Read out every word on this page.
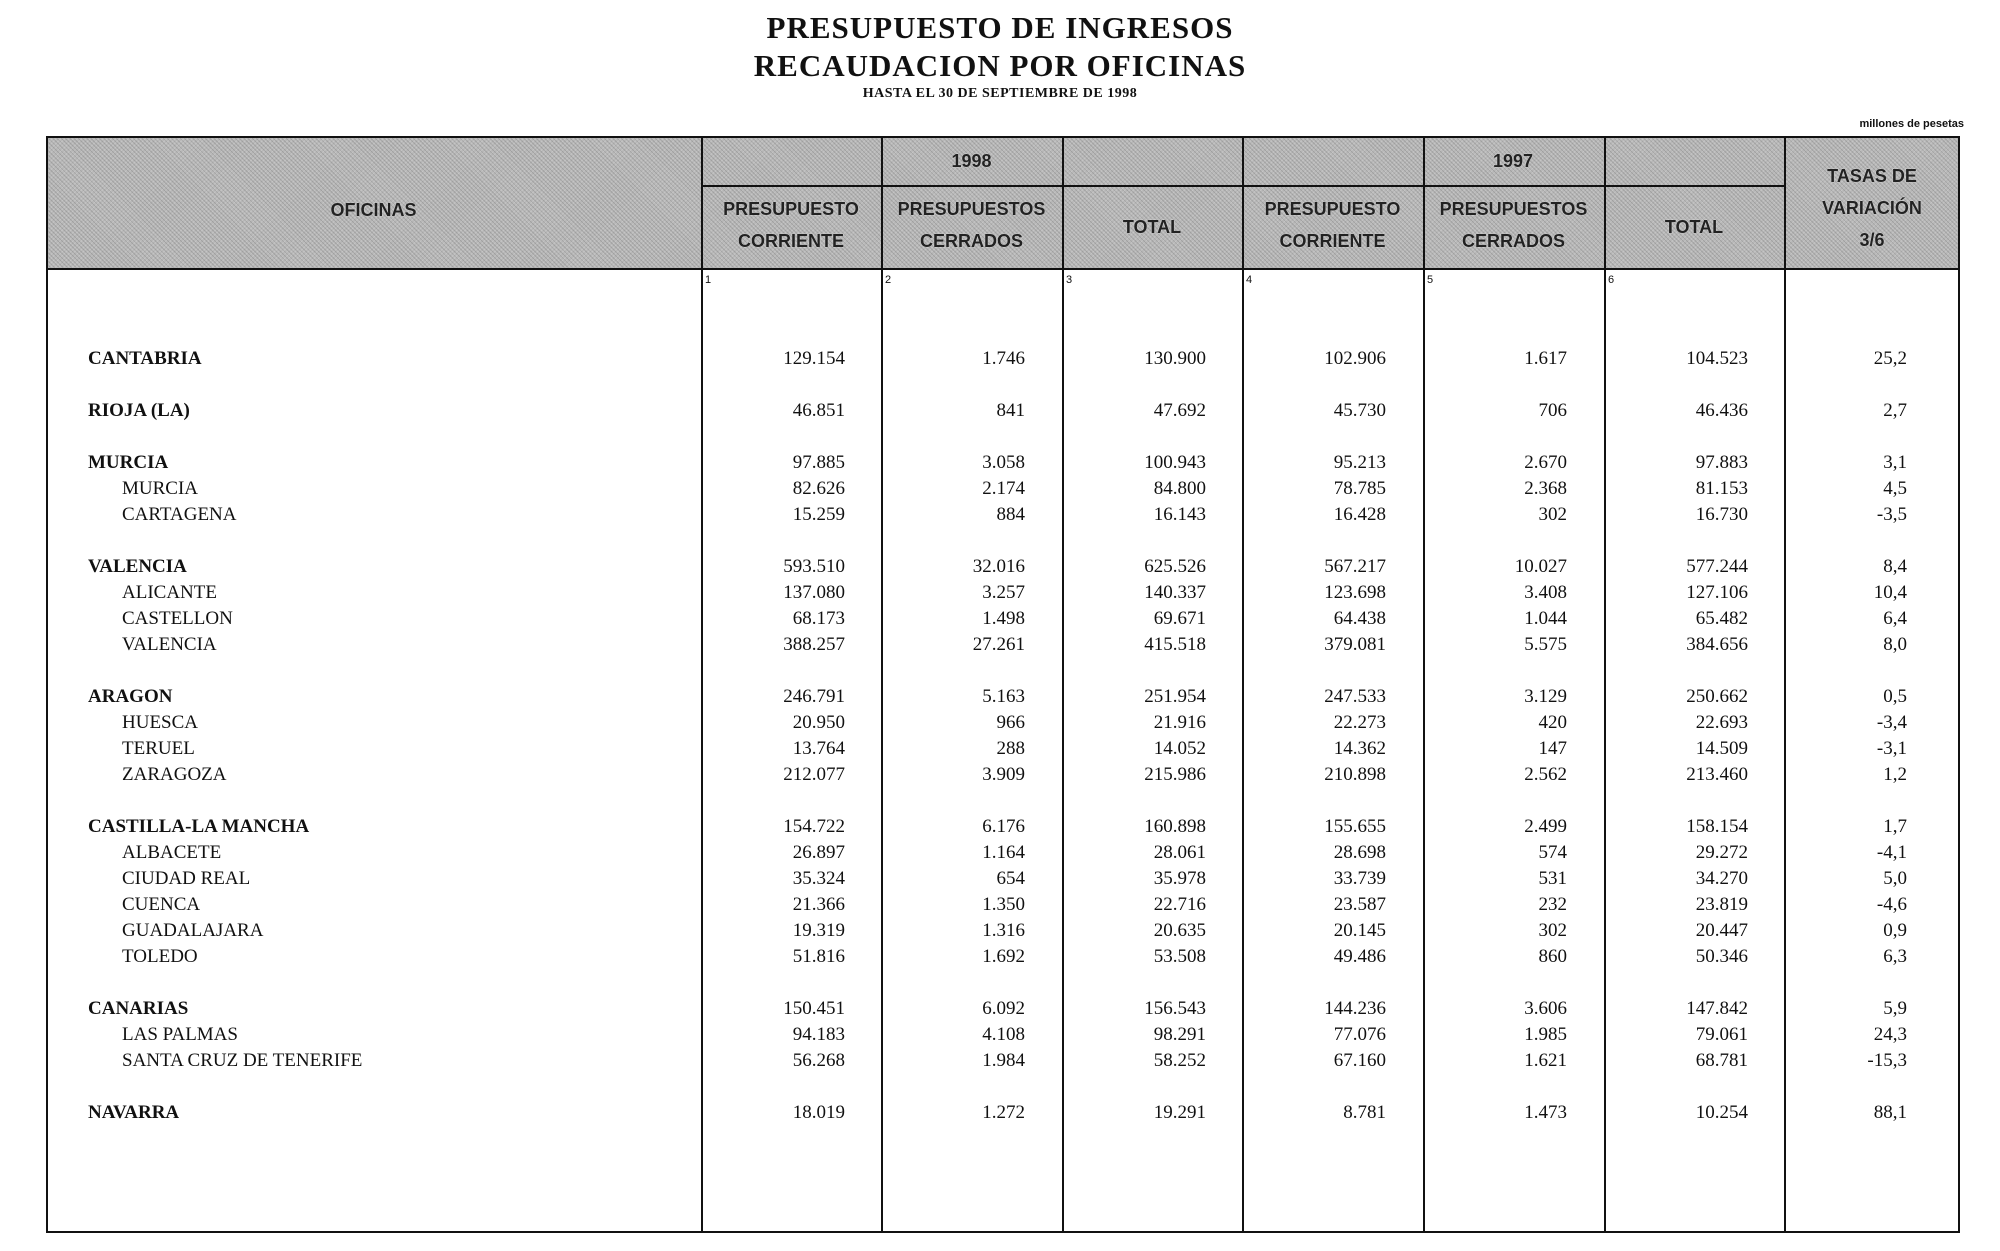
PRESUPUESTO DE INGRESOS
RECAUDACION POR OFICINAS
HASTA EL 30 DE SEPTIEMBRE DE 1998
millones de pesetas
OFICINAS
1998	1997
PRESUPUESTO
CORRIENTE
PRESUPUESTOS
CERRADOS
TOTAL
PRESUPUESTO
CORRIENTE
PRESUPUESTOS
CERRADOS
TOTAL
TASAS DE
VARIACIÓN
3/6
1	2	3	4	5	6
CANTABRIA	129.154	1.746	130.900	102.906	1.617	104.523	25,2
RIOJA (LA)	46.851	841	47.692	45.730	706	46.436	2,7
MURCIA	97.885	3.058	100.943	95.213	2.670	97.883	3,1
MURCIA	82.626	2.174	84.800	78.785	2.368	81.153	4,5
CARTAGENA	15.259	884	16.143	16.428	302	16.730	-3,5
VALENCIA	593.510	32.016	625.526	567.217	10.027	577.244	8,4
ALICANTE	137.080	3.257	140.337	123.698	3.408	127.106	10,4
CASTELLON	68.173	1.498	69.671	64.438	1.044	65.482	6,4
VALENCIA	388.257	27.261	415.518	379.081	5.575	384.656	8,0
ARAGON	246.791	5.163	251.954	247.533	3.129	250.662	0,5
HUESCA	20.950	966	21.916	22.273	420	22.693	-3,4
TERUEL	13.764	288	14.052	14.362	147	14.509	-3,1
ZARAGOZA	212.077	3.909	215.986	210.898	2.562	213.460	1,2
CASTILLA-LA MANCHA	154.722	6.176	160.898	155.655	2.499	158.154	1,7
ALBACETE	26.897	1.164	28.061	28.698	574	29.272	-4,1
CIUDAD REAL	35.324	654	35.978	33.739	531	34.270	5,0
CUENCA	21.366	1.350	22.716	23.587	232	23.819	-4,6
GUADALAJARA	19.319	1.316	20.635	20.145	302	20.447	0,9
TOLEDO	51.816	1.692	53.508	49.486	860	50.346	6,3
CANARIAS	150.451	6.092	156.543	144.236	3.606	147.842	5,9
LAS PALMAS	94.183	4.108	98.291	77.076	1.985	79.061	24,3
SANTA CRUZ DE TENERIFE	56.268	1.984	58.252	67.160	1.621	68.781	-15,3
NAVARRA	18.019	1.272	19.291	8.781	1.473	10.254	88,1
